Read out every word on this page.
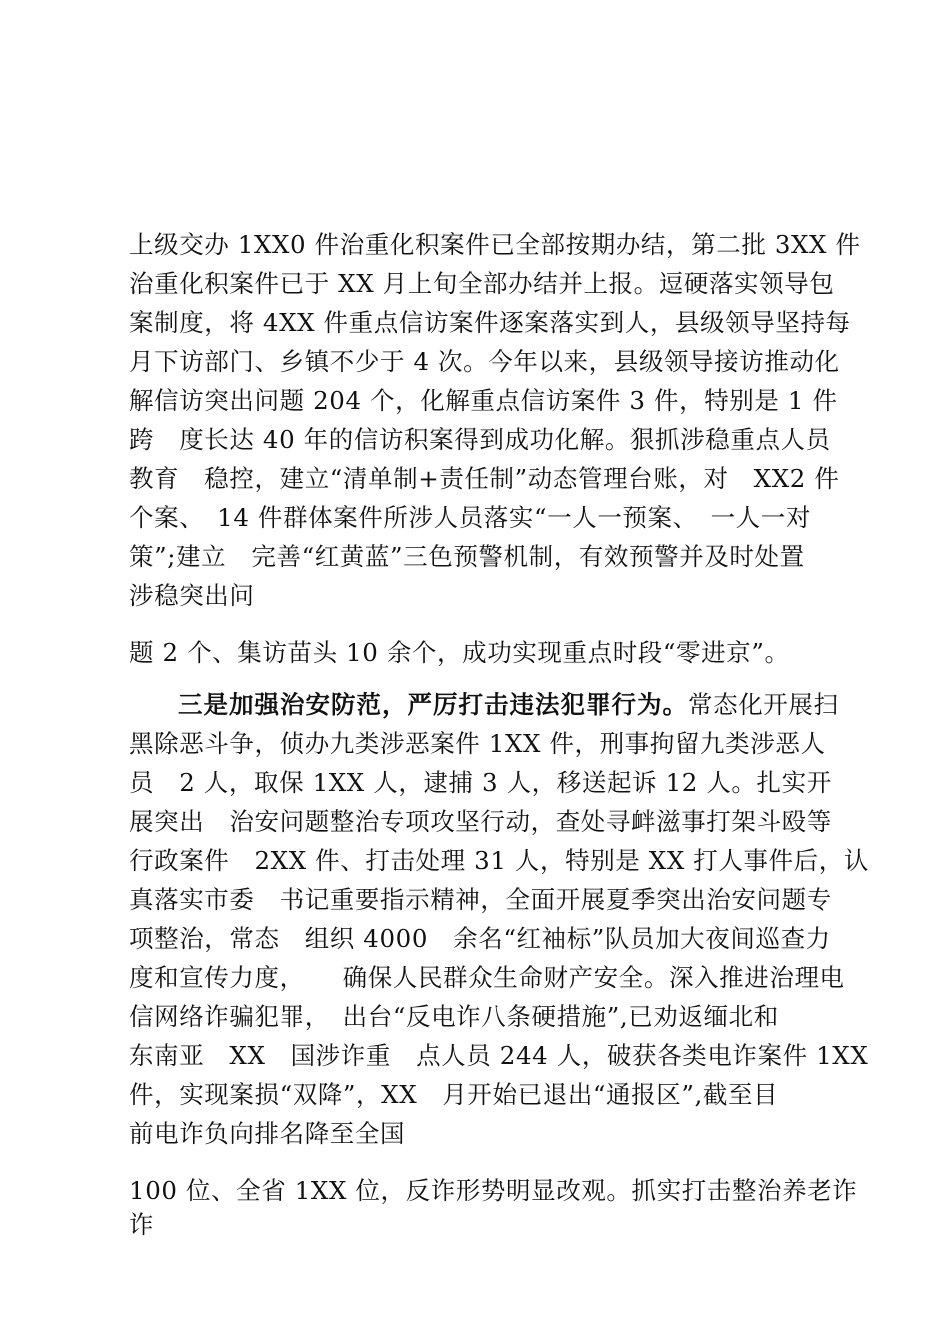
上级交办 1XX0 件治重化积案件已全部按期办结，第二批 3XX 件
治重化积案件已于 XX 月上旬全部办结并上报。逗硬落实领导包
案制度，将 4XX 件重点信访案件逐案落实到人，县级领导坚持每
月下访部门、乡镇不少于 4 次。今年以来，县级领导接访推动化
解信访突出问题 204 个，化解重点信访案件 3 件，特别是 1 件
跨　度长达 40 年的信访积案得到成功化解。狠抓涉稳重点人员
教育　稳控，建立“清单制+责任制”动态管理台账，对　XX2 件
个案、　14 件群体案件所涉人员落实“一人一预案、　一人一对
策”;建立　完善“红黄蓝”三色预警机制，有效预警并及时处置
涉稳突出问
题 2 个、集访苗头 10 余个，成功实现重点时段“零进京”。
三是加强治安防范，严厉打击违法犯罪行为。常态化开展扫
黑除恶斗争，侦办九类涉恶案件 1XX 件，刑事拘留九类涉恶人
员　2 人，取保 1XX 人，逮捕 3 人，移送起诉 12 人。扎实开
展突出　治安问题整治专项攻坚行动，查处寻衅滋事打架斗殴等
行政案件　2XX 件、打击处理 31 人，特别是 XX 打人事件后，认
真落实市委　书记重要指示精神，全面开展夏季突出治安问题专
项整治，常态　组织 4000　余名“红袖标”队员加大夜间巡查力
度和宣传力度，　　确保人民群众生命财产安全。深入推进治理电
信网络诈骗犯罪，　出台“反电诈八条硬措施”,已劝返缅北和
东南亚　XX　国涉诈重　点人员 244 人，破获各类电诈案件 1XX
件，实现案损“双降”，XX　月开始已退出“通报区”,截至目
前电诈负向排名降至全国
100 位、全省 1XX 位，反诈形势明显改观。抓实打击整治养老诈
诈
